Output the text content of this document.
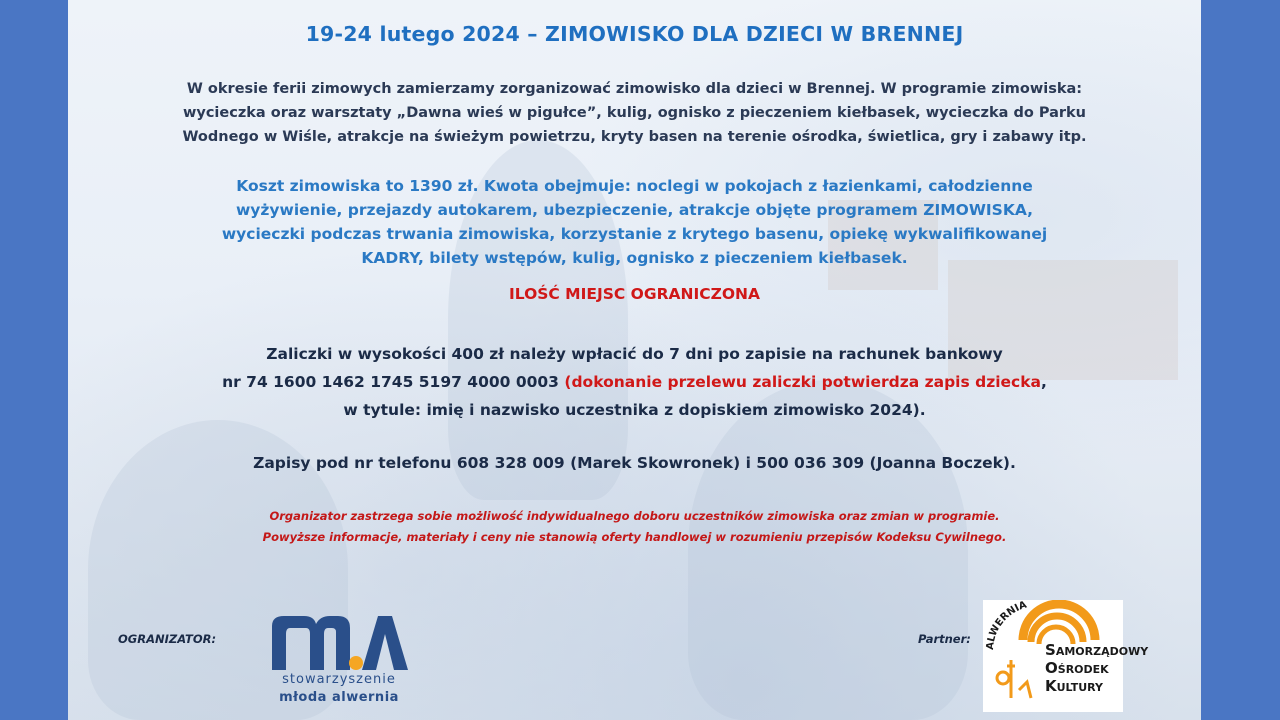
19-24 lutego 2024 – ZIMOWISKO DLA DZIECI W BRENNEJ
W okresie ferii zimowych zamierzamy zorganizować zimowisko dla dzieci w Brennej. W programie zimowiska:
wycieczka oraz warsztaty „Dawna wieś w pigułce”, kulig, ognisko z pieczeniem kiełbasek, wycieczka do Parku
Wodnego w Wiśle, atrakcje na świeżym powietrzu, kryty basen na terenie ośrodka, świetlica, gry i zabawy itp.
Koszt zimowiska to 1390 zł. Kwota obejmuje: noclegi w pokojach z łazienkami, całodzienne
wyżywienie, przejazdy autokarem, ubezpieczenie, atrakcje objęte programem ZIMOWISKA,
wycieczki podczas trwania zimowiska, korzystanie z krytego basenu, opiekę wykwalifikowanej
KADRY, bilety wstępów, kulig, ognisko z pieczeniem kiełbasek.
ILOŚĆ MIEJSC OGRANICZONA
Zaliczki w wysokości 400 zł należy wpłacić do 7 dni po zapisie na rachunek bankowy
nr 74 1600 1462 1745 5197 4000 0003 (dokonanie przelewu zaliczki potwierdza zapis dziecka,
w tytule: imię i nazwisko uczestnika z dopiskiem zimowisko 2024).
Zapisy pod nr telefonu 608 328 009 (Marek Skowronek) i 500 036 309 (Joanna Boczek).
Organizator zastrzega sobie możliwość indywidualnego doboru uczestników zimowiska oraz zmian w programie.
Powyższe informacje, materiały i ceny nie stanowią oferty handlowej w rozumieniu przepisów Kodeksu Cywilnego.
OGRANIZATOR:
stowarzyszenie
młoda alwernia
Partner: ALWERNIA
SAMORZĄDOWY
OŚRODEK
KULTURY
